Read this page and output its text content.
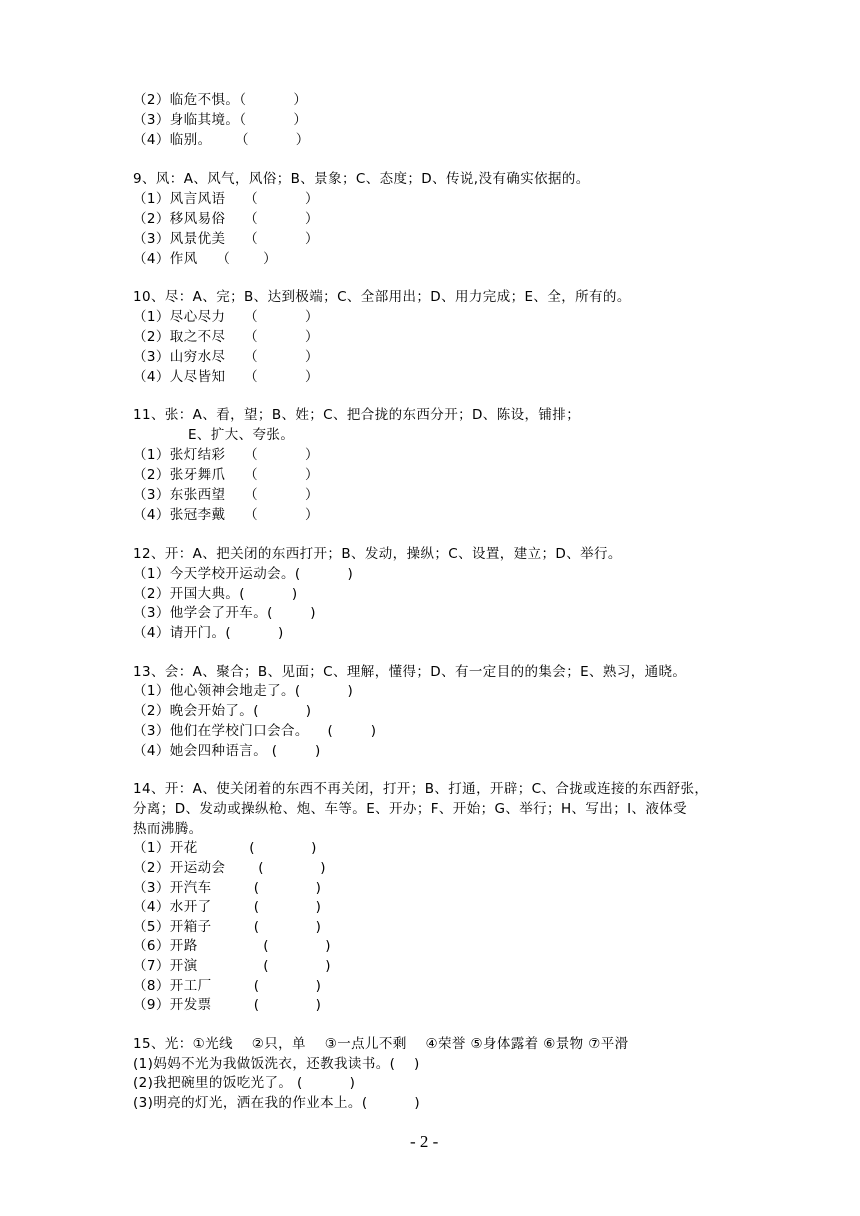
（2）临危不惧。（          ）
（3）身临其境。（          ）
（4）临别。     （          ）
9、风：A、风气，风俗；B、景象；C、态度；D、传说,没有确实依据的。
（1）风言风语    （          ）
（2）移风易俗    （          ）
（3）风景优美    （          ）
（4）作风    （       ）
10、尽：A、完；B、达到极端；C、全部用出；D、用力完成；E、全，所有的。
（1）尽心尽力    （          ）
（2）取之不尽    （          ）
（3）山穷水尽    （          ）
（4）人尽皆知    （          ）
11、张：A、看，望；B、姓；C、把合拢的东西分开；D、陈设，铺排；
E、扩大、夸张。
（1）张灯结彩    （          ）
（2）张牙舞爪    （          ）
（3）东张西望    （          ）
（4）张冠李戴    （          ）
12、开：A、把关闭的东西打开；B、发动，操纵；C、设置，建立；D、举行。
（1）今天学校开运动会。(          )
（2）开国大典。(          )
（3）他学会了开车。(        )
（4）请开门。(          )
13、会：A、聚合；B、见面；C、理解，懂得；D、有一定目的的集会；E、熟习，通晓。
（1）他心领神会地走了。(          )
（2）晚会开始了。(          )
（3）他们在学校门口会合。    (        )
（4）她会四种语言。 (        )
14、开：A、使关闭着的东西不再关闭，打开；B、打通，开辟；C、合拢或连接的东西舒张，
分离；D、发动或操纵枪、炮、车等。E、开办；F、开始；G、举行；H、写出；I、液体受
热而沸腾。
（1）开花           (            )
（2）开运动会       (            )
（3）开汽车         (            )
（4）水开了         (            )
（5）开箱子         (            )
（6）开路              (            )
（7）开演              (            )
（8）开工厂         (            )
（9）开发票         (            )
15、光：①光线    ②只，单    ③一点儿不剩    ④荣誉 ⑤身体露着 ⑥景物 ⑦平滑
(1)妈妈不光为我做饭洗衣，还教我读书。(    )
(2)我把碗里的饭吃光了。 (          )
(3)明亮的灯光，洒在我的作业本上。(          )
- 2 -
